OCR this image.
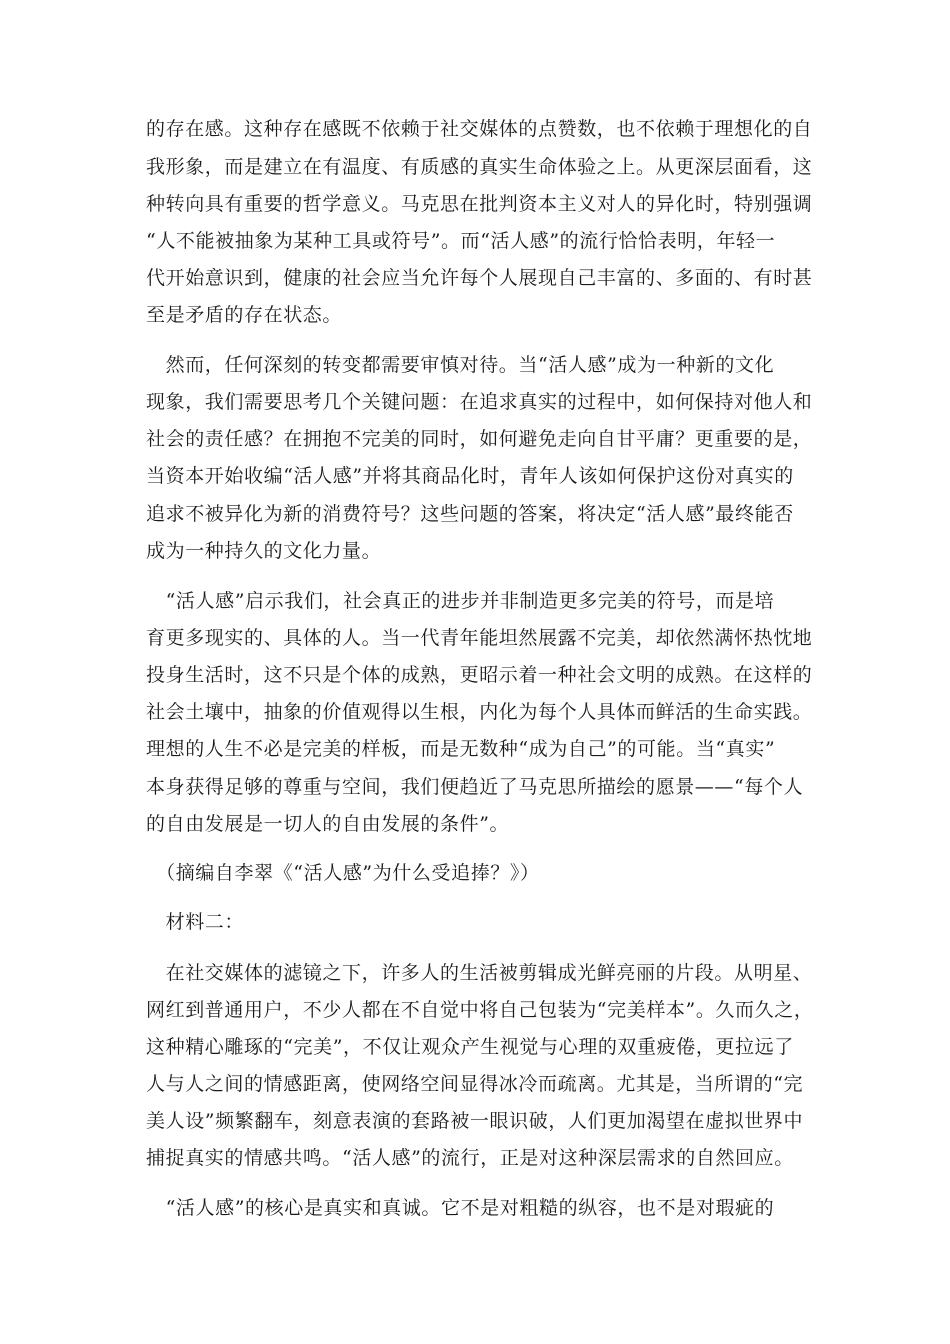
的存在感。这种存在感既不依赖于社交媒体的点赞数，也不依赖于理想化的自
我形象，而是建立在有温度、有质感的真实生命体验之上。从更深层面看，这
种转向具有重要的哲学意义。马克思在批判资本主义对人的异化时，特别强调
“人不能被抽象为某种工具或符号”。而“活人感”的流行恰恰表明，年轻一
代开始意识到，健康的社会应当允许每个人展现自己丰富的、多面的、有时甚
至是矛盾的存在状态。
　然而，任何深刻的转变都需要审慎对待。当“活人感”成为一种新的文化
现象，我们需要思考几个关键问题：在追求真实的过程中，如何保持对他人和
社会的责任感？在拥抱不完美的同时，如何避免走向自甘平庸？更重要的是，
当资本开始收编“活人感”并将其商品化时，青年人该如何保护这份对真实的
追求不被异化为新的消费符号？这些问题的答案，将决定“活人感”最终能否
成为一种持久的文化力量。
　“活人感”启示我们，社会真正的进步并非制造更多完美的符号，而是培
育更多现实的、具体的人。当一代青年能坦然展露不完美，却依然满怀热忱地
投身生活时，这不只是个体的成熟，更昭示着一种社会文明的成熟。在这样的
社会土壤中，抽象的价值观得以生根，内化为每个人具体而鲜活的生命实践。
理想的人生不必是完美的样板，而是无数种“成为自己”的可能。当“真实”
本身获得足够的尊重与空间，我们便趋近了马克思所描绘的愿景——“每个人
的自由发展是一切人的自由发展的条件”。
　（摘编自李翠《“活人感”为什么受追捧？》）
　材料二：
　在社交媒体的滤镜之下，许多人的生活被剪辑成光鲜亮丽的片段。从明星、
网红到普通用户，不少人都在不自觉中将自己包装为“完美样本”。久而久之，
这种精心雕琢的“完美”，不仅让观众产生视觉与心理的双重疲倦，更拉远了
人与人之间的情感距离，使网络空间显得冰冷而疏离。尤其是，当所谓的“完
美人设”频繁翻车，刻意表演的套路被一眼识破，人们更加渴望在虚拟世界中
捕捉真实的情感共鸣。“活人感”的流行，正是对这种深层需求的自然回应。
　“活人感”的核心是真实和真诚。它不是对粗糙的纵容，也不是对瑕疵的
